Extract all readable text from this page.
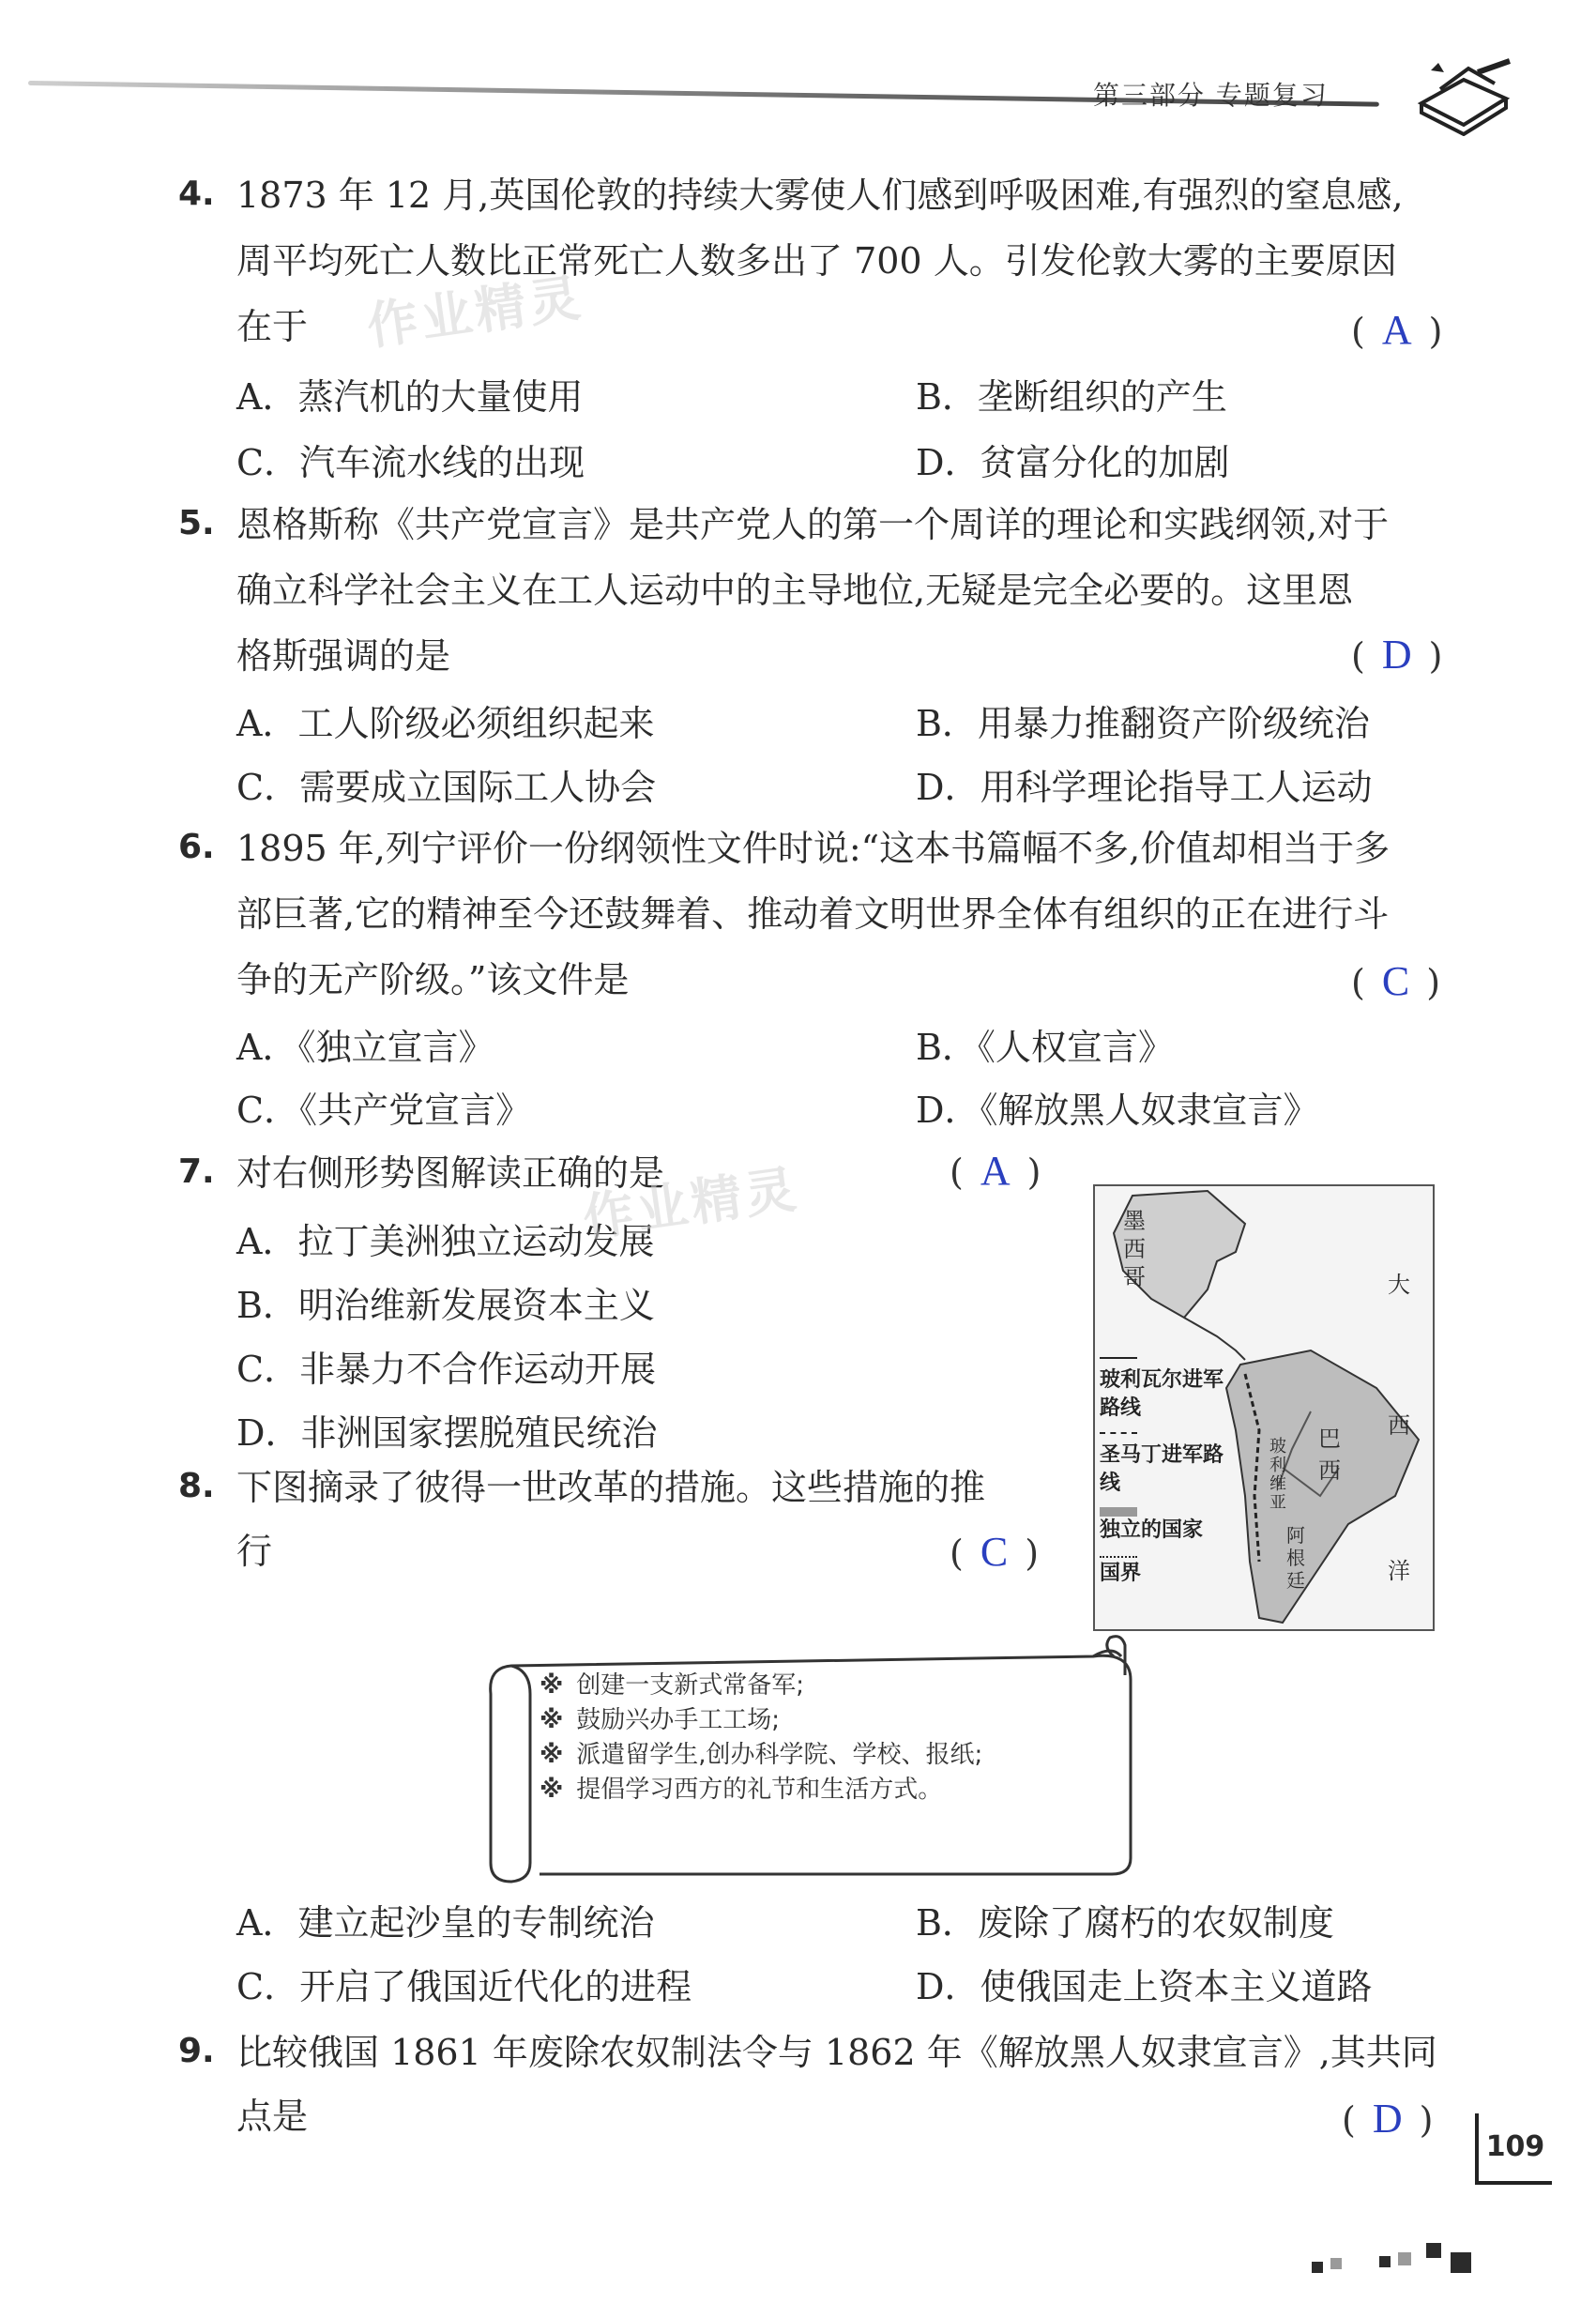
第三部分 专题复习
4. 1873 年 12 月,英国伦敦的持续大雾使人们感到呼吸困难,有强烈的窒息感,
周平均死亡人数比正常死亡人数多出了 700 人。引发伦敦大雾的主要原因
在于	( A )
A．蒸汽机的大量使用	B．垄断组织的产生
C．汽车流水线的出现	D．贫富分化的加剧
作业精灵
5. 恩格斯称《共产党宣言》是共产党人的第一个周详的理论和实践纲领,对于
确立科学社会主义在工人运动中的主导地位,无疑是完全必要的。这里恩
格斯强调的是	( D )
A．工人阶级必须组织起来	B．用暴力推翻资产阶级统治
C．需要成立国际工人协会	D．用科学理论指导工人运动
6. 1895 年,列宁评价一份纲领性文件时说:“这本书篇幅不多,价值却相当于多
部巨著,它的精神至今还鼓舞着、推动着文明世界全体有组织的正在进行斗
争的无产阶级。”该文件是	( C )
A．《独立宣言》	B．《人权宣言》
C．《共产党宣言》	D．《解放黑人奴隶宣言》
7. 对右侧形势图解读正确的是	( A )
A．拉丁美洲独立运动发展
B．明治维新发展资本主义
C．非暴力不合作运动开展
D．非洲国家摆脱殖民统治
作业精灵	墨西哥	大
西
洋
巴西
玻利维亚
阿根廷
玻利瓦尔进军路线
圣马丁进军路线
独立的国家
国界
8. 下图摘录了彼得一世改革的措施。这些措施的推
行	( C )
※ 创建一支新式常备军;
※ 鼓励兴办手工工场;
※ 派遣留学生,创办科学院、学校、报纸;
※ 提倡学习西方的礼节和生活方式。
A．建立起沙皇的专制统治	B．废除了腐朽的农奴制度
C．开启了俄国近代化的进程	D．使俄国走上资本主义道路
9. 比较俄国 1861 年废除农奴制法令与 1862 年《解放黑人奴隶宣言》,其共同
点是	( D )
109
